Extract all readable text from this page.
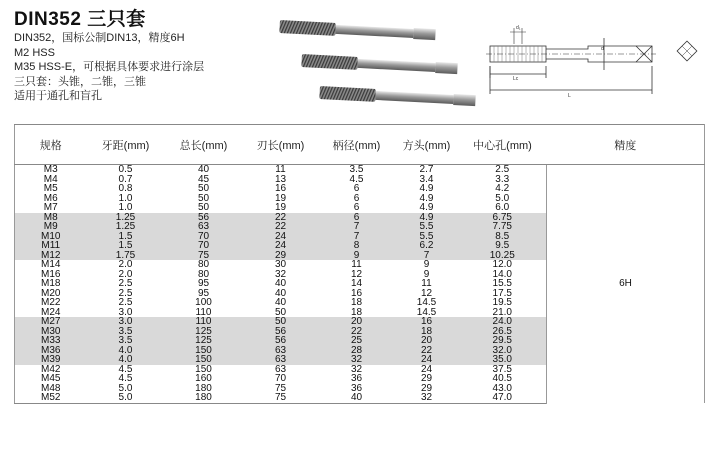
DIN352 三只套
DIN352，国标公制DIN13，精度6H
M2 HSS
M35 HSS-E，可根据具体要求进行涂层
三只套：头锥，二锥，三锥
适用于通孔和盲孔
d₁
d
Lc
L
规格	牙距(mm)	总长(mm)	刃长(mm)	柄径(mm)	方头(mm)	中心孔(mm)	精度
M3	0.5	40	11	3.5	2.7	2.5	6H
M4	0.7	45	13	4.5	3.4	3.3	
M5	0.8	50	16	6	4.9	4.2	
M6	1.0	50	19	6	4.9	5.0	
M7	1.0	50	19	6	4.9	6.0	
M8	1.25	56	22	6	4.9	6.75	
M9	1.25	63	22	7	5.5	7.75	
M10	1.5	70	24	7	5.5	8.5	
M11	1.5	70	24	8	6.2	9.5	
M12	1.75	75	29	9	7	10.25	
M14	2.0	80	30	11	9	12.0	
M16	2.0	80	32	12	9	14.0	
M18	2.5	95	40	14	11	15.5	
M20	2.5	95	40	16	12	17.5	
M22	2.5	100	40	18	14.5	19.5	
M24	3.0	110	50	18	14.5	21.0	
M27	3.0	110	50	20	16	24.0	
M30	3.5	125	56	22	18	26.5	
M33	3.5	125	56	25	20	29.5	
M36	4.0	150	63	28	22	32.0	
M39	4.0	150	63	32	24	35.0	
M42	4.5	150	63	32	24	37.5	
M45	4.5	160	70	36	29	40.5	
M48	5.0	180	75	36	29	43.0	
M52	5.0	180	75	40	32	47.0	
